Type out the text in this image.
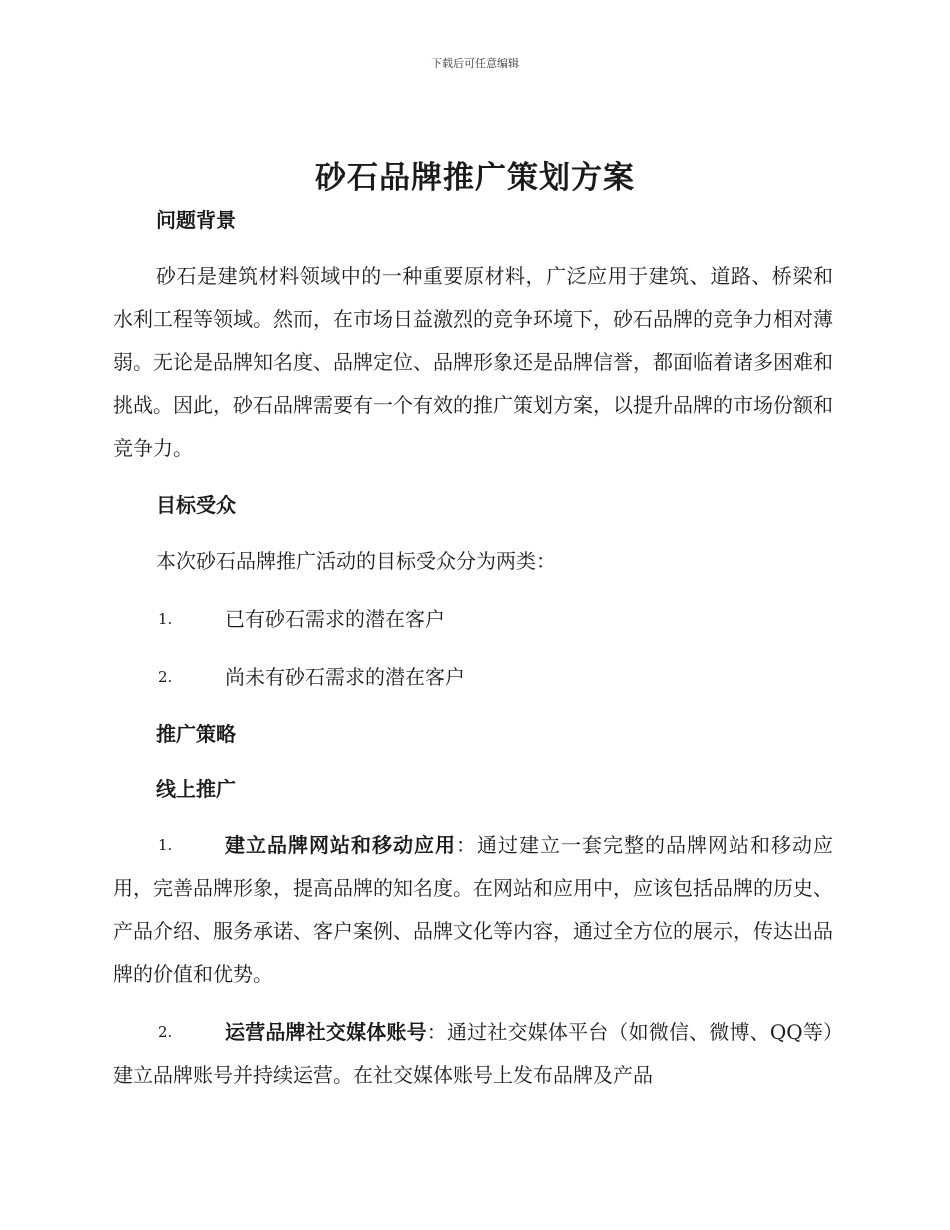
下载后可任意编辑
砂石品牌推广策划方案
问题背景

砂石是建筑材料领域中的一种重要原材料，广泛应用于建筑、道路、桥梁和水利工程等领域。然而，在市场日益激烈的竞争环境下，砂石品牌的竞争力相对薄弱。无论是品牌知名度、品牌定位、品牌形象还是品牌信誉，都面临着诸多困难和挑战。因此，砂石品牌需要有一个有效的推广策划方案，以提升品牌的市场份额和竞争力。

目标受众

本次砂石品牌推广活动的目标受众分为两类：

1.	已有砂石需求的潜在客户
2.	尚未有砂石需求的潜在客户
推广策略
线上推广
1.	建立品牌网站和移动应用：通过建立一套完整的品牌网站和移动应用，完善品牌形象，提高品牌的知名度。在网站和应用中，应该包括品牌的历史、产品介绍、服务承诺、客户案例、品牌文化等内容，通过全方位的展示，传达出品牌的价值和优势。
2.	运营品牌社交媒体账号：通过社交媒体平台（如微信、微博、QQ等）建立品牌账号并持续运营。在社交媒体账号上发布品牌及产品
